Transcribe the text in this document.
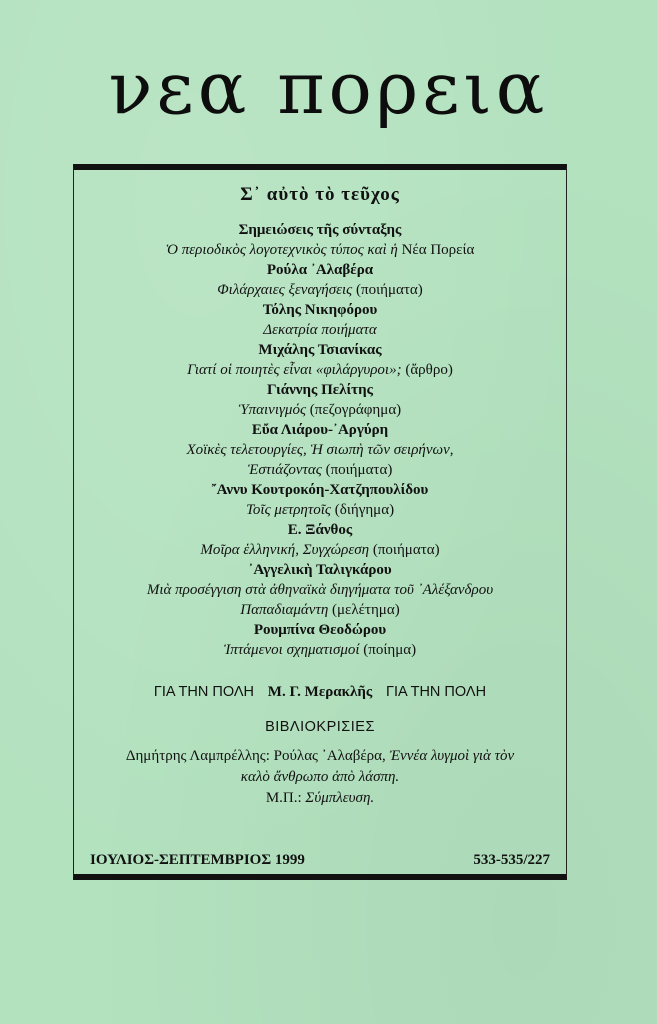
νεα πορεια
Σ᾿ αὐτὸ τὸ τεῦχος
Σημειώσεις τῆς σύνταξης
Ὁ περιοδικὸς λογοτεχνικὸς τύπος καὶ ἡ Νέα Πορεία
Ρούλα ᾿Αλαβέρα
Φιλάρχαιες ξεναγήσεις (ποιήματα)
Τόλης Νικηφόρου
Δεκατρία ποιήματα
Μιχάλης Τσιανίκας
Γιατί οἱ ποιητὲς εἶναι «φιλάργυροι»; (ἄρθρο)
Γιάννης Πελίτης
Ὑπαινιγμός (πεζογράφημα)
Εὔα Λιάρου-᾿Αργύρη
Χοϊκὲς τελετουργίες, Ἡ σιωπὴ τῶν σειρήνων,
Ἑστιάζοντας (ποιήματα)
῎Αννυ Κουτροκόη-Χατζηπουλίδου
Τοῖς μετρητοῖς (διήγημα)
Ε. Ξάνθος
Μοῖρα ἑλληνική, Συγχώρεση (ποιήματα)
᾿Αγγελικὴ Ταλιγκάρου
Μιὰ προσέγγιση στὰ ἀθηναϊκὰ διηγήματα τοῦ ᾿Αλέξανδρου
Παπαδιαμάντη (μελέτημα)
Ρουμπίνα Θεοδώρου
Ἱπτάμενοι σχηματισμοί (ποίημα)
ΓΙΑ ΤΗΝ ΠΟΛΗ Μ. Γ. Μερακλῆς ΓΙΑ ΤΗΝ ΠΟΛΗ
ΒΙΒΛΙΟΚΡΙΣΙΕΣ
Δημήτρης Λαμπρέλλης: Ρούλας ᾿Αλαβέρα, Ἐννέα λυγμοὶ γιὰ τὸν
καλὸ ἄνθρωπο ἀπὸ λάσπη.
Μ.Π.: Σύμπλευση.
ΙΟΥΛΙΟΣ-ΣΕΠΤΕΜΒΡΙΟΣ 1999	533-535/227
